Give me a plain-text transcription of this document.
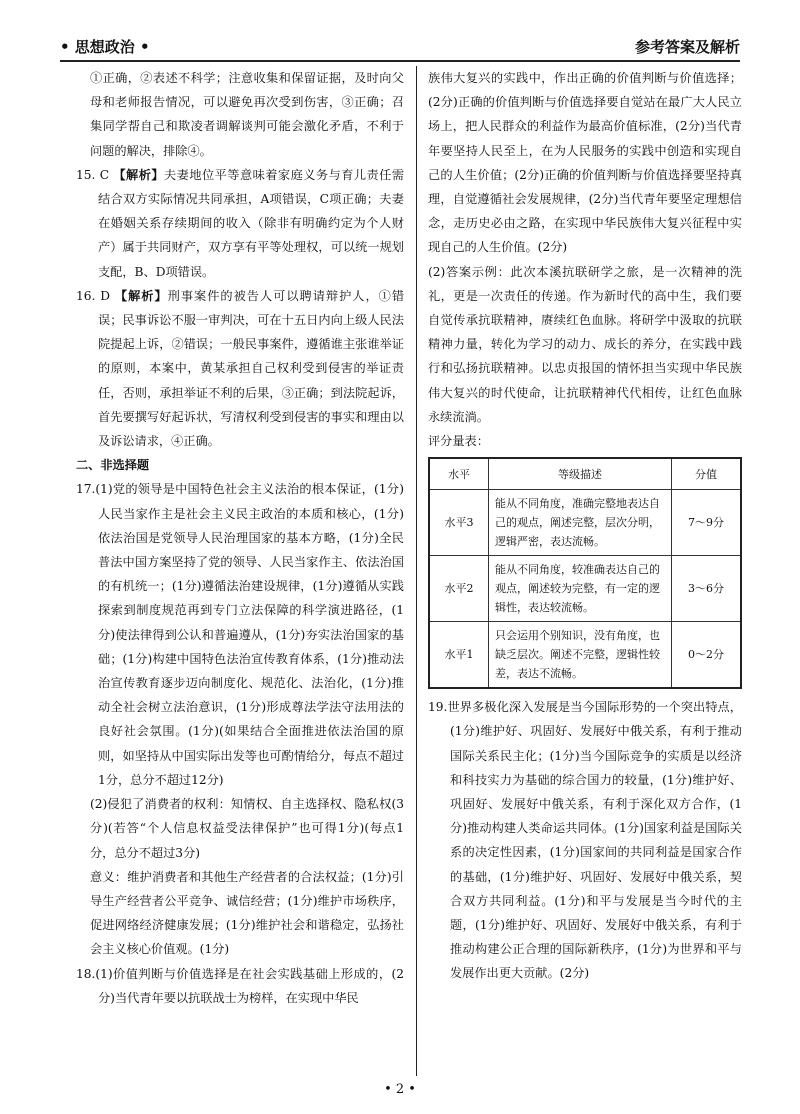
• 思想政治 •	参考答案及解析

①正确，②表述不科学；注意收集和保留证据，及时向父母和老师报告情况，可以避免再次受到伤害，③正确；召集同学帮自己和欺凌者调解谈判可能会激化矛盾，不利于问题的解决，排除④。

15. C 【解析】夫妻地位平等意味着家庭义务与育儿责任需结合双方实际情况共同承担，A项错误，C项正确；夫妻在婚姻关系存续期间的收入（除非有明确约定为个人财产）属于共同财产，双方享有平等处理权，可以统一规划支配，B、D项错误。

16. D 【解析】刑事案件的被告人可以聘请辩护人，①错误；民事诉讼不服一审判决，可在十五日内向上级人民法院提起上诉，②错误；一般民事案件，遵循谁主张谁举证的原则，本案中，黄某承担自己权利受到侵害的举证责任，否则，承担举证不利的后果，③正确；到法院起诉，首先要撰写好起诉状，写清权利受到侵害的事实和理由以及诉讼请求，④正确。

二、非选择题

17.(1)党的领导是中国特色社会主义法治的根本保证，(1分)人民当家作主是社会主义民主政治的本质和核心，(1分)依法治国是党领导人民治理国家的基本方略，(1分)全民普法中国方案坚持了党的领导、人民当家作主、依法治国的有机统一；(1分)遵循法治建设规律，(1分)遵循从实践探索到制度规范再到专门立法保障的科学演进路径，(1分)使法律得到公认和普遍遵从，(1分)夯实法治国家的基础；(1分)构建中国特色法治宣传教育体系，(1分)推动法治宣传教育逐步迈向制度化、规范化、法治化，(1分)推动全社会树立法治意识，(1分)形成尊法学法守法用法的良好社会氛围。(1分)(如果结合全面推进依法治国的原则，如坚持从中国实际出发等也可酌情给分，每点不超过1分，总分不超过12分)

(2)侵犯了消费者的权利：知情权、自主选择权、隐私权(3分)(若答“个人信息权益受法律保护”也可得1分)(每点1分，总分不超过3分)

意义：维护消费者和其他生产经营者的合法权益；(1分)引导生产经营者公平竞争、诚信经营；(1分)维护市场秩序，促进网络经济健康发展；(1分)维护社会和谐稳定，弘扬社会主义核心价值观。(1分)

18.(1)价值判断与价值选择是在社会实践基础上形成的，(2分)当代青年要以抗联战士为榜样，在实现中华民

族伟大复兴的实践中，作出正确的价值判断与价值选择；(2分)正确的价值判断与价值选择要自觉站在最广大人民立场上，把人民群众的利益作为最高价值标准，(2分)当代青年要坚持人民至上，在为人民服务的实践中创造和实现自己的人生价值；(2分)正确的价值判断与价值选择要坚持真理，自觉遵循社会发展规律，(2分)当代青年要坚定理想信念，走历史必由之路，在实现中华民族伟大复兴征程中实现自己的人生价值。(2分)

(2)答案示例：此次本溪抗联研学之旅，是一次精神的洗礼，更是一次责任的传递。作为新时代的高中生，我们要自觉传承抗联精神，赓续红色血脉。将研学中汲取的抗联精神力量，转化为学习的动力、成长的养分，在实践中践行和弘扬抗联精神。以忠贞报国的情怀担当实现中华民族伟大复兴的时代使命，让抗联精神代代相传，让红色血脉永续流淌。

评分量表：

水平	等级描述	分值
水平3	能从不同角度，准确完整地表达自己的观点，阐述完整，层次分明，逻辑严密，表达流畅。	7～9分
水平2	能从不同角度，较准确表达自己的观点，阐述较为完整，有一定的逻辑性，表达较流畅。	3～6分
水平1	只会运用个别知识，没有角度，也缺乏层次。阐述不完整，逻辑性较差，表达不流畅。	0～2分

19.世界多极化深入发展是当今国际形势的一个突出特点，(1分)维护好、巩固好、发展好中俄关系，有利于推动国际关系民主化；(1分)当今国际竞争的实质是以经济和科技实力为基础的综合国力的较量，(1分)维护好、巩固好、发展好中俄关系，有利于深化双方合作，(1分)推动构建人类命运共同体。(1分)国家利益是国际关系的决定性因素，(1分)国家间的共同利益是国家合作的基础，(1分)维护好、巩固好、发展好中俄关系，契合双方共同利益。(1分)和平与发展是当今时代的主题，(1分)维护好、巩固好、发展好中俄关系，有利于推动构建公正合理的国际新秩序，(1分)为世界和平与发展作出更大贡献。(2分)

• 2 •
